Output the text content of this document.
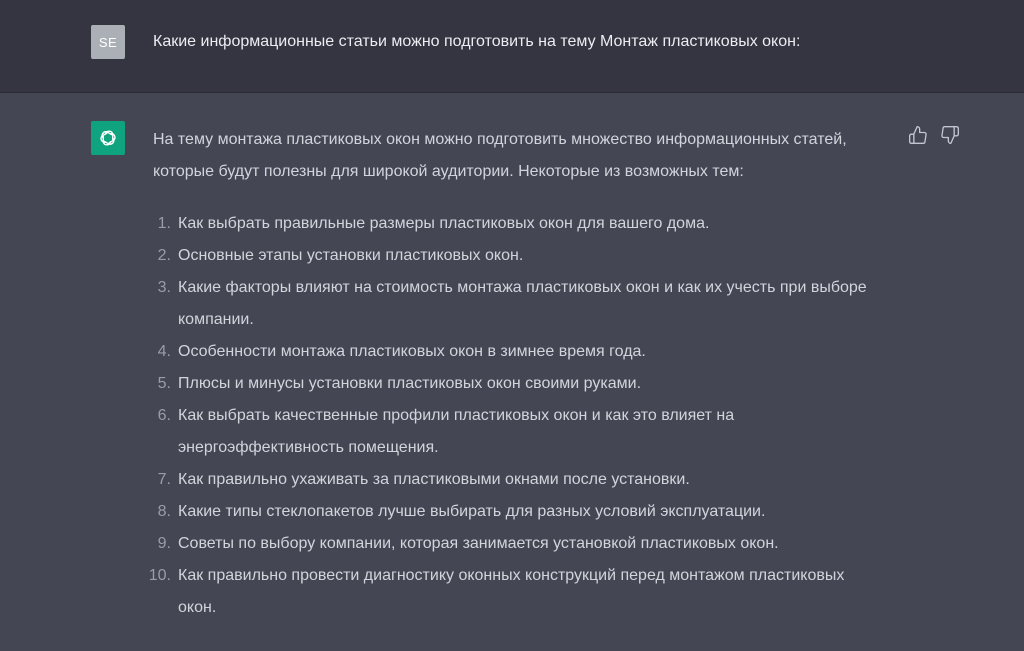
SE	Какие информационные статьи можно подготовить на тему Монтаж пластиковых окон:

На тему монтажа пластиковых окон можно подготовить множество информационных статей, которые будут полезны для широкой аудитории. Некоторые из возможных тем:

1. Как выбрать правильные размеры пластиковых окон для вашего дома.
2. Основные этапы установки пластиковых окон.
3. Какие факторы влияют на стоимость монтажа пластиковых окон и как их учесть при выборе компании.
4. Особенности монтажа пластиковых окон в зимнее время года.
5. Плюсы и минусы установки пластиковых окон своими руками.
6. Как выбрать качественные профили пластиковых окон и как это влияет на энергоэффективность помещения.
7. Как правильно ухаживать за пластиковыми окнами после установки.
8. Какие типы стеклопакетов лучше выбирать для разных условий эксплуатации.
9. Советы по выбору компании, которая занимается установкой пластиковых окон.
10. Как правильно провести диагностику оконных конструкций перед монтажом пластиковых окон.
